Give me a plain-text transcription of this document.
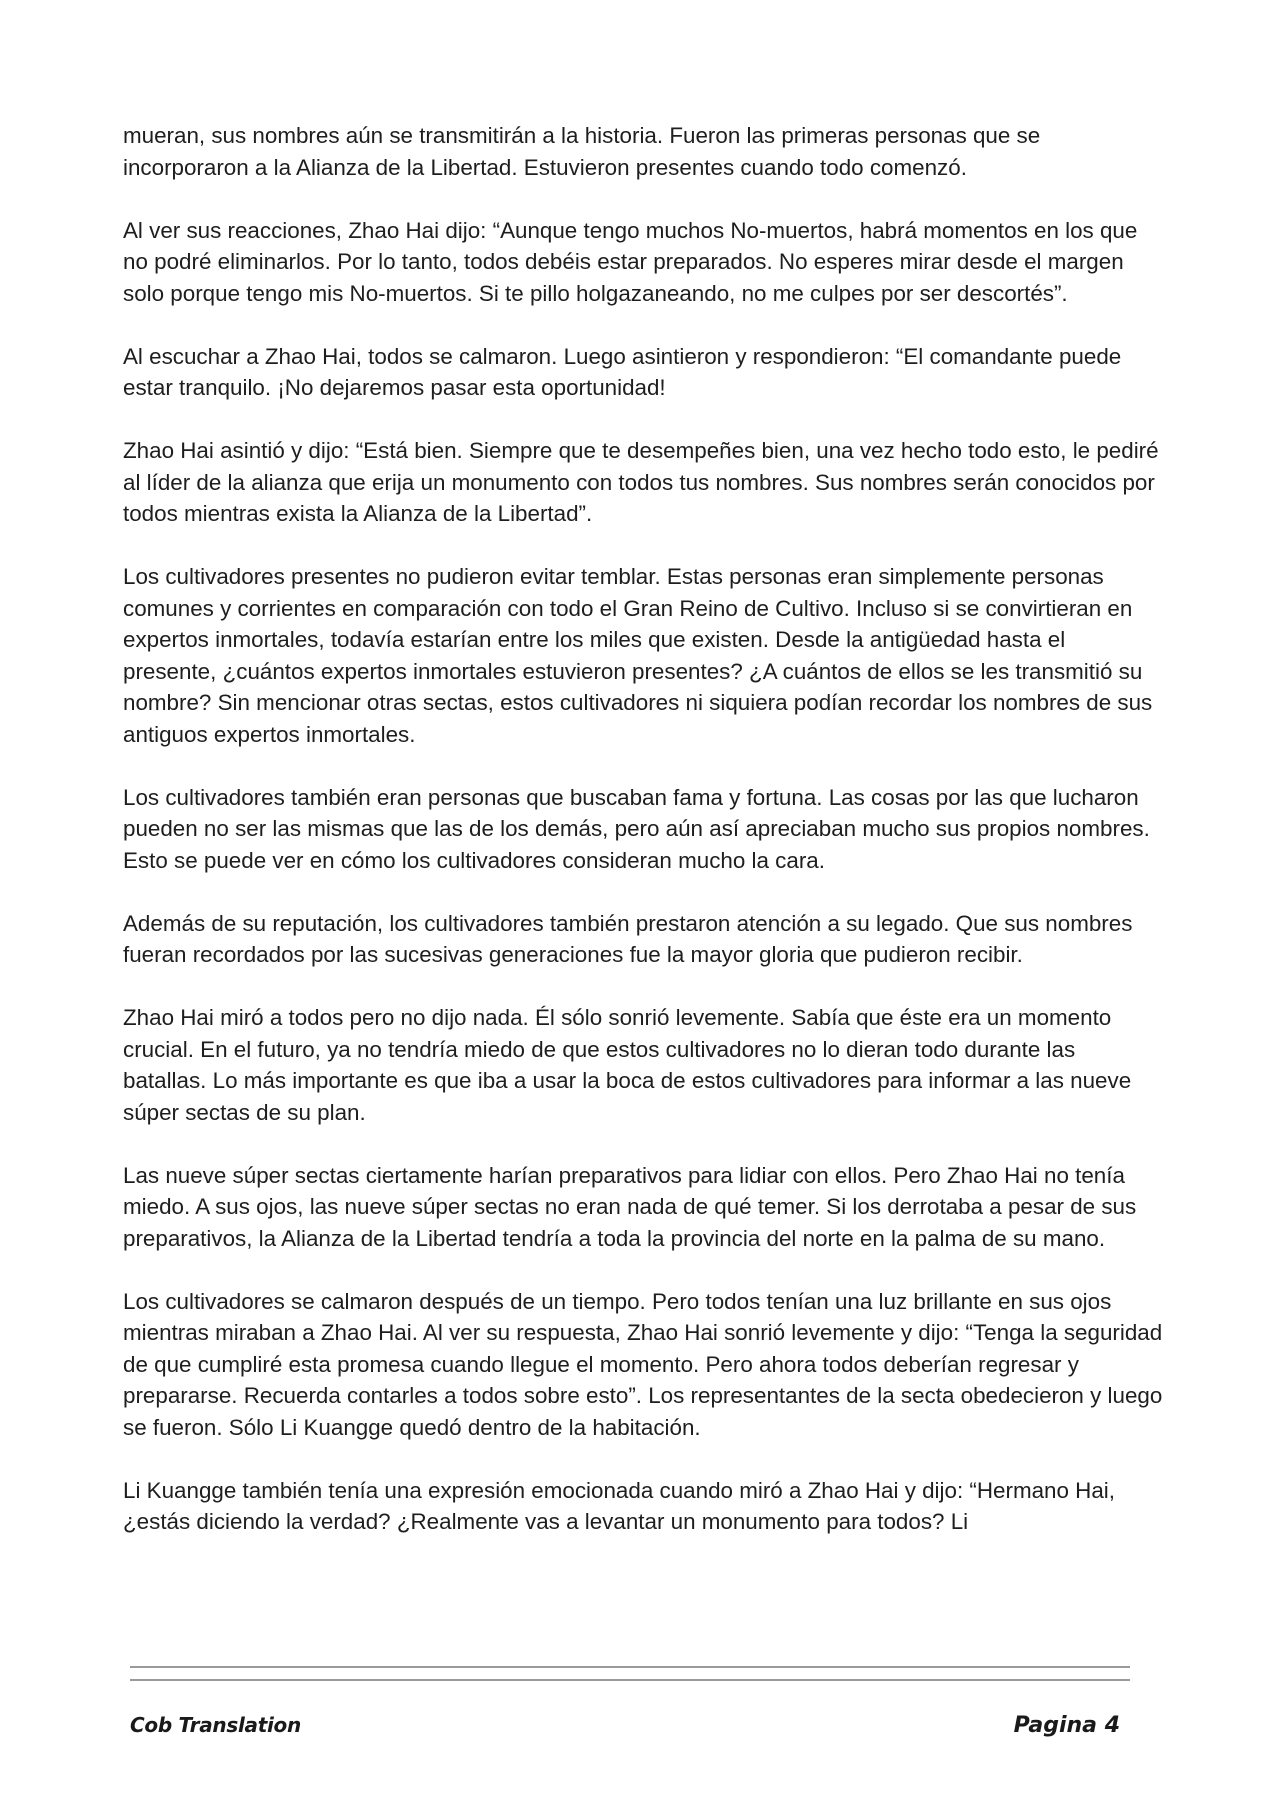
mueran, sus nombres aún se transmitirán a la historia. Fueron las primeras personas que se incorporaron a la Alianza de la Libertad. Estuvieron presentes cuando todo comenzó.

Al ver sus reacciones, Zhao Hai dijo: “Aunque tengo muchos No-muertos, habrá momentos en los que no podré eliminarlos. Por lo tanto, todos debéis estar preparados. No esperes mirar desde el margen solo porque tengo mis No-muertos. Si te pillo holgazaneando, no me culpes por ser descortés”.

Al escuchar a Zhao Hai, todos se calmaron. Luego asintieron y respondieron: “El comandante puede estar tranquilo. ¡No dejaremos pasar esta oportunidad!

Zhao Hai asintió y dijo: “Está bien. Siempre que te desempeñes bien, una vez hecho todo esto, le pediré al líder de la alianza que erija un monumento con todos tus nombres. Sus nombres serán conocidos por todos mientras exista la Alianza de la Libertad”.

Los cultivadores presentes no pudieron evitar temblar. Estas personas eran simplemente personas comunes y corrientes en comparación con todo el Gran Reino de Cultivo. Incluso si se convirtieran en expertos inmortales, todavía estarían entre los miles que existen. Desde la antigüedad hasta el presente, ¿cuántos expertos inmortales estuvieron presentes? ¿A cuántos de ellos se les transmitió su nombre? Sin mencionar otras sectas, estos cultivadores ni siquiera podían recordar los nombres de sus antiguos expertos inmortales.

Los cultivadores también eran personas que buscaban fama y fortuna. Las cosas por las que lucharon pueden no ser las mismas que las de los demás, pero aún así apreciaban mucho sus propios nombres. Esto se puede ver en cómo los cultivadores consideran mucho la cara.

Además de su reputación, los cultivadores también prestaron atención a su legado. Que sus nombres fueran recordados por las sucesivas generaciones fue la mayor gloria que pudieron recibir.

Zhao Hai miró a todos pero no dijo nada. Él sólo sonrió levemente. Sabía que éste era un momento crucial. En el futuro, ya no tendría miedo de que estos cultivadores no lo dieran todo durante las batallas. Lo más importante es que iba a usar la boca de estos cultivadores para informar a las nueve súper sectas de su plan.

Las nueve súper sectas ciertamente harían preparativos para lidiar con ellos. Pero Zhao Hai no tenía miedo. A sus ojos, las nueve súper sectas no eran nada de qué temer. Si los derrotaba a pesar de sus preparativos, la Alianza de la Libertad tendría a toda la provincia del norte en la palma de su mano.

Los cultivadores se calmaron después de un tiempo. Pero todos tenían una luz brillante en sus ojos mientras miraban a Zhao Hai. Al ver su respuesta, Zhao Hai sonrió levemente y dijo: “Tenga la seguridad de que cumpliré esta promesa cuando llegue el momento. Pero ahora todos deberían regresar y prepararse. Recuerda contarles a todos sobre esto”. Los representantes de la secta obedecieron y luego se fueron. Sólo Li Kuangge quedó dentro de la habitación.

Li Kuangge también tenía una expresión emocionada cuando miró a Zhao Hai y dijo: “Hermano Hai, ¿estás diciendo la verdad? ¿Realmente vas a levantar un monumento para todos? Li

Cob Translation	Pagina 4
